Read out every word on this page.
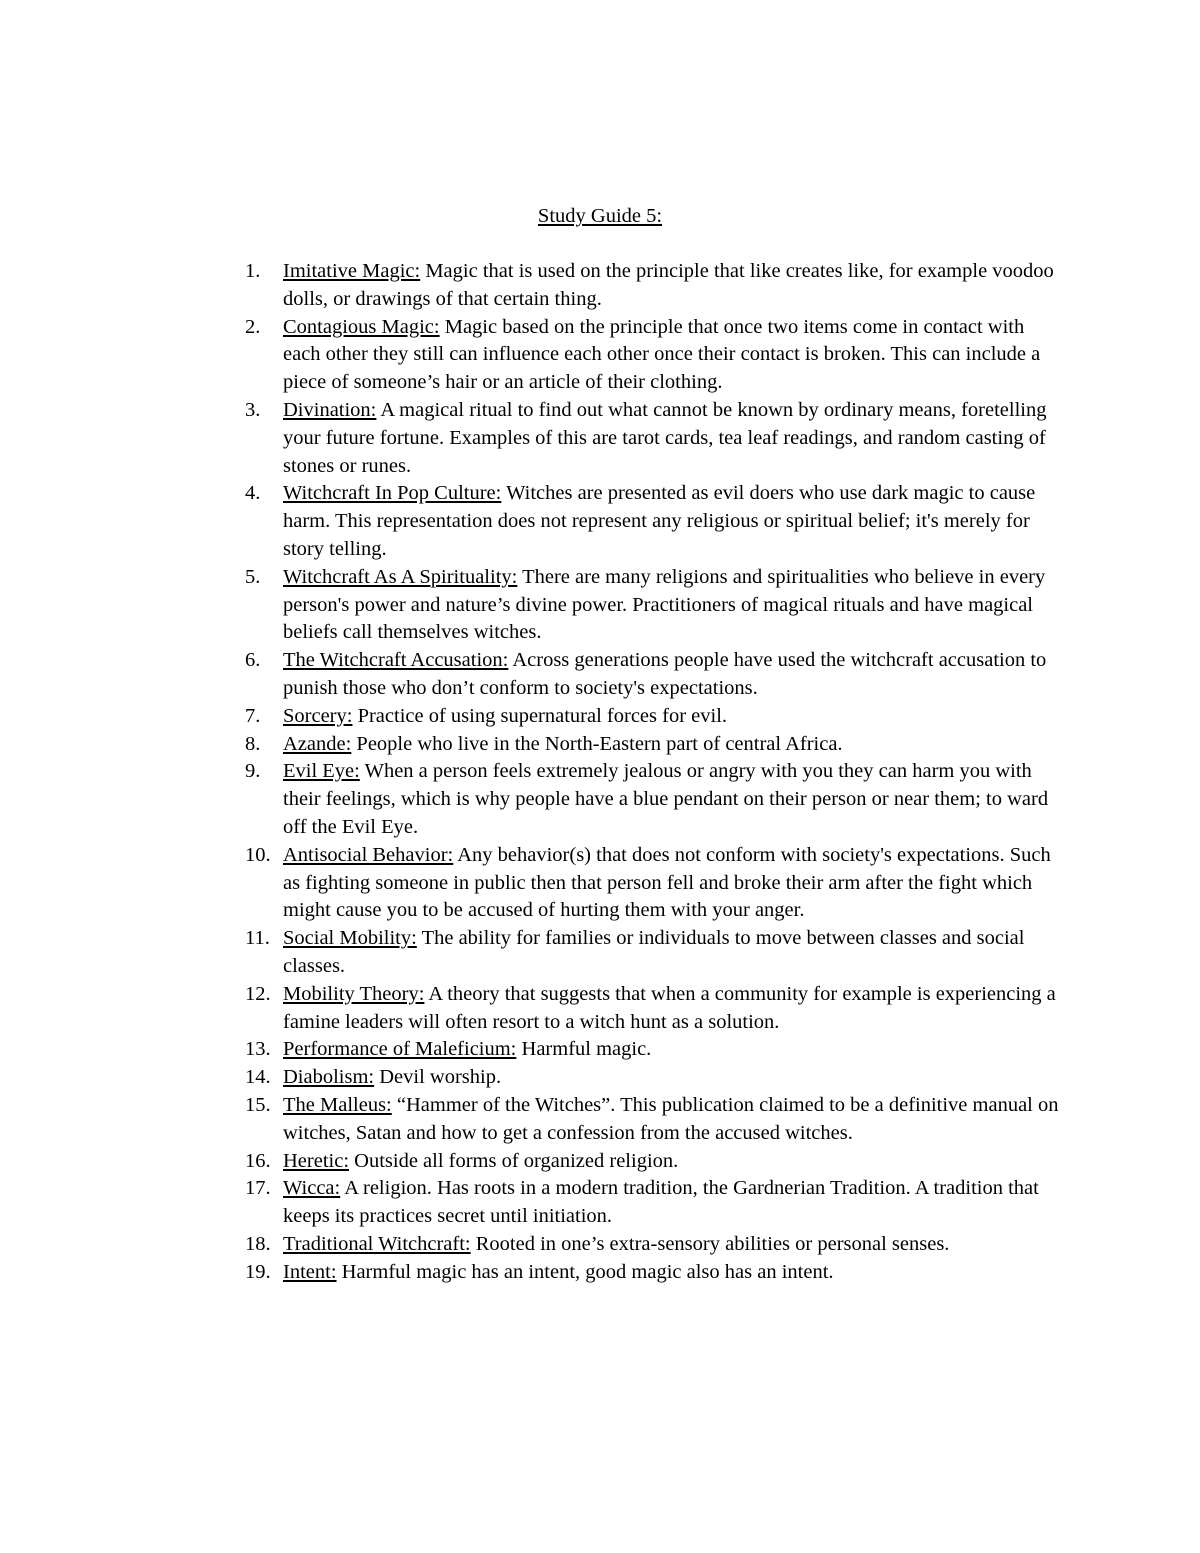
Study Guide 5:
1. Imitative Magic: Magic that is used on the principle that like creates like, for example voodoo dolls, or drawings of that certain thing.
2. Contagious Magic: Magic based on the principle that once two items come in contact with each other they still can influence each other once their contact is broken. This can include a piece of someone’s hair or an article of their clothing.
3. Divination: A magical ritual to find out what cannot be known by ordinary means, foretelling your future fortune. Examples of this are tarot cards, tea leaf readings, and random casting of stones or runes.
4. Witchcraft In Pop Culture: Witches are presented as evil doers who use dark magic to cause harm. This representation does not represent any religious or spiritual belief; it's merely for story telling.
5. Witchcraft As A Spirituality: There are many religions and spiritualities who believe in every person's power and nature’s divine power. Practitioners of magical rituals and have magical beliefs call themselves witches.
6. The Witchcraft Accusation: Across generations people have used the witchcraft accusation to punish those who don’t conform to society's expectations.
7. Sorcery: Practice of using supernatural forces for evil.
8. Azande: People who live in the North-Eastern part of central Africa.
9. Evil Eye: When a person feels extremely jealous or angry with you they can harm you with their feelings, which is why people have a blue pendant on their person or near them; to ward off the Evil Eye.
10. Antisocial Behavior: Any behavior(s) that does not conform with society's expectations. Such as fighting someone in public then that person fell and broke their arm after the fight which might cause you to be accused of hurting them with your anger.
11. Social Mobility: The ability for families or individuals to move between classes and social classes.
12. Mobility Theory: A theory that suggests that when a community for example is experiencing a famine leaders will often resort to a witch hunt as a solution.
13. Performance of Maleficium: Harmful magic.
14. Diabolism: Devil worship.
15. The Malleus: “Hammer of the Witches”. This publication claimed to be a definitive manual on witches, Satan and how to get a confession from the accused witches.
16. Heretic: Outside all forms of organized religion.
17. Wicca: A religion. Has roots in a modern tradition, the Gardnerian Tradition. A tradition that keeps its practices secret until initiation.
18. Traditional Witchcraft: Rooted in one’s extra-sensory abilities or personal senses.
19. Intent: Harmful magic has an intent, good magic also has an intent.
